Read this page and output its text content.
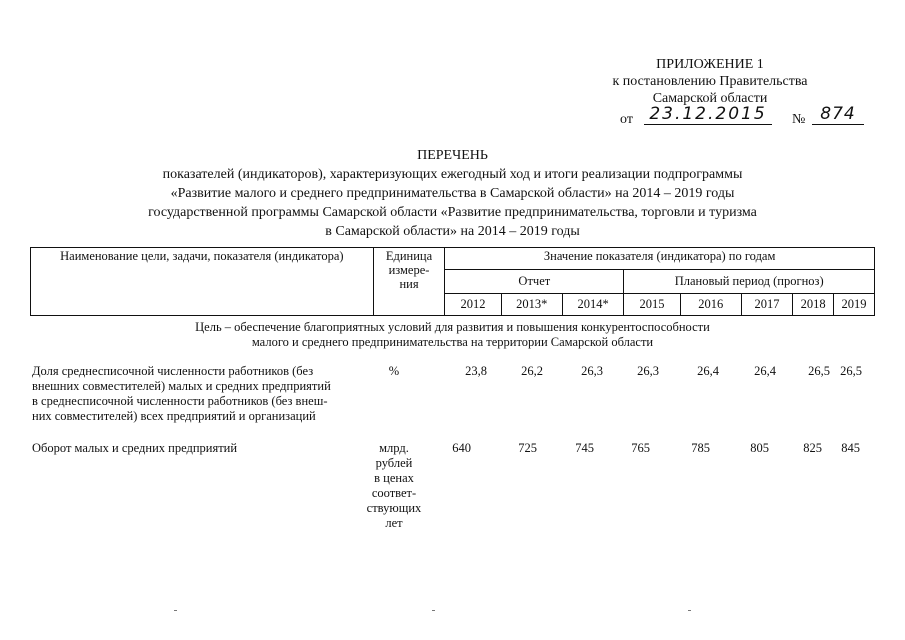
ПРИЛОЖЕНИЕ 1
к постановлению Правительства
Самарской области
от 23.12.2015	№ 874
ПЕРЕЧЕНЬ
показателей (индикаторов), характеризующих ежегодный ход и итоги реализации подпрограммы
«Развитие малого и среднего предпринимательства в Самарской области» на 2014 – 2019 годы
государственной программы Самарской области «Развитие предпринимательства, торговли и туризма
в Самарской области» на 2014 – 2019 годы
Наименование цели, задачи, показателя (индикатора)	Единица
измере-
ния	Значение показателя (индикатора) по годам							
		Отчет			Плановый период (прогноз)				
		2012	2013*	2014*	2015	2016	2017	2018	2019
Цель – обеспечение благоприятных условий для развития и повышения конкурентоспособности
малого и среднего предпринимательства на территории Самарской области
Доля среднесписочной численности работников (без
внешних совместителей) малых и средних предприятий
в среднесписочной численности работников (без внеш-
них совместителей) всех предприятий и организаций
%	23,8	26,2	26,3	26,3	26,4	26,4	26,5 26,5
Оборот малых и средних предприятий	млрд.
рублей
в ценах
соответ-
ствующих
лет
640	725	745	765	785	805	825	845
